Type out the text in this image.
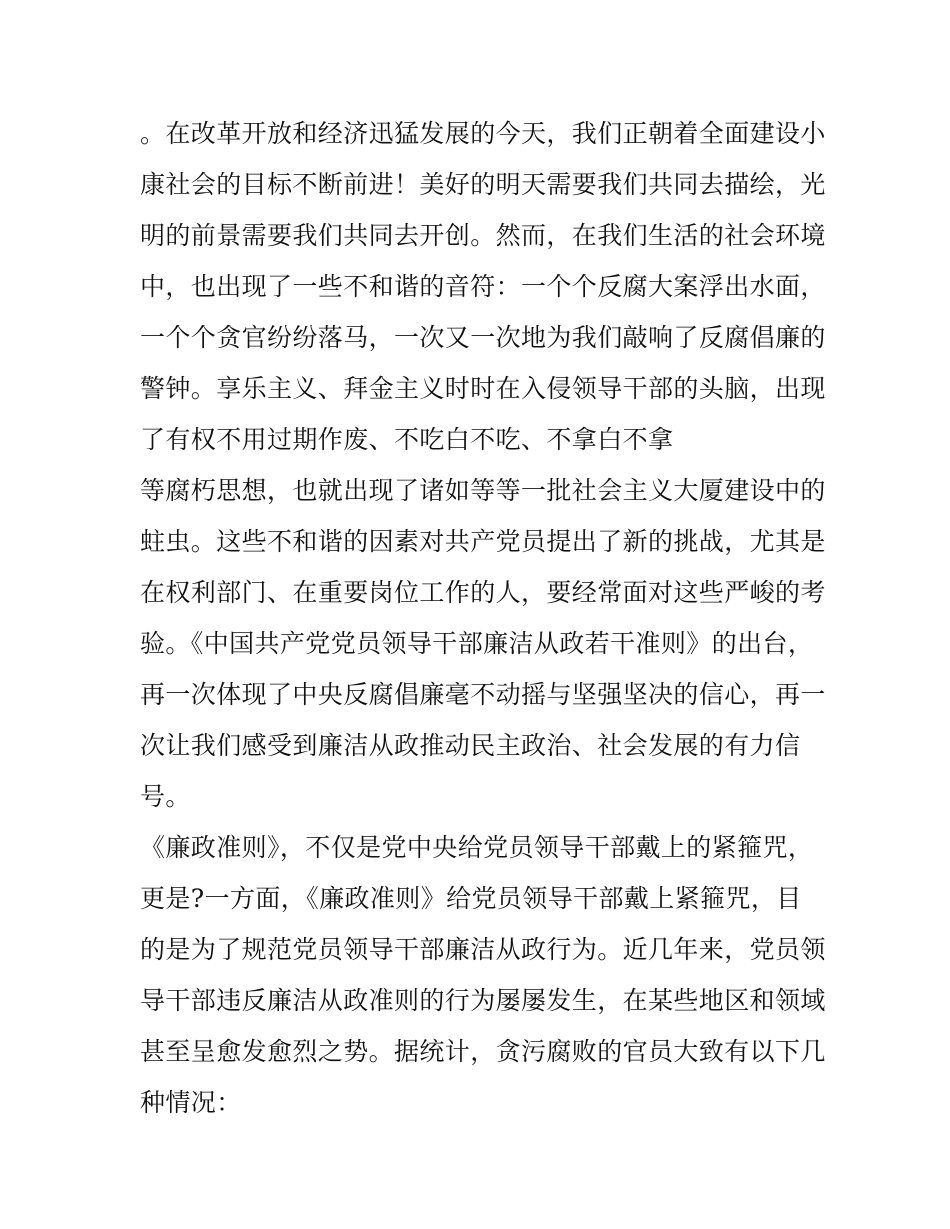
。在改革开放和经济迅猛发展的今天，我们正朝着全面建设小
康社会的目标不断前进！美好的明天需要我们共同去描绘，光
明的前景需要我们共同去开创。然而，在我们生活的社会环境
中，也出现了一些不和谐的音符：一个个反腐大案浮出水面，
一个个贪官纷纷落马，一次又一次地为我们敲响了反腐倡廉的
警钟。享乐主义、拜金主义时时在入侵领导干部的头脑，出现
了有权不用过期作废、不吃白不吃、不拿白不拿
等腐朽思想，也就出现了诸如等等一批社会主义大厦建设中的
蛀虫。这些不和谐的因素对共产党员提出了新的挑战，尤其是
在权利部门、在重要岗位工作的人，要经常面对这些严峻的考
验。《中国共产党党员领导干部廉洁从政若干准则》的出台，
再一次体现了中央反腐倡廉毫不动摇与坚强坚决的信心，再一
次让我们感受到廉洁从政推动民主政治、社会发展的有力信
号。
《廉政准则》，不仅是党中央给党员领导干部戴上的紧箍咒，
更是?一方面，《廉政准则》给党员领导干部戴上紧箍咒，目
的是为了规范党员领导干部廉洁从政行为。近几年来，党员领
导干部违反廉洁从政准则的行为屡屡发生，在某些地区和领域
甚至呈愈发愈烈之势。据统计，贪污腐败的官员大致有以下几
种情况：
